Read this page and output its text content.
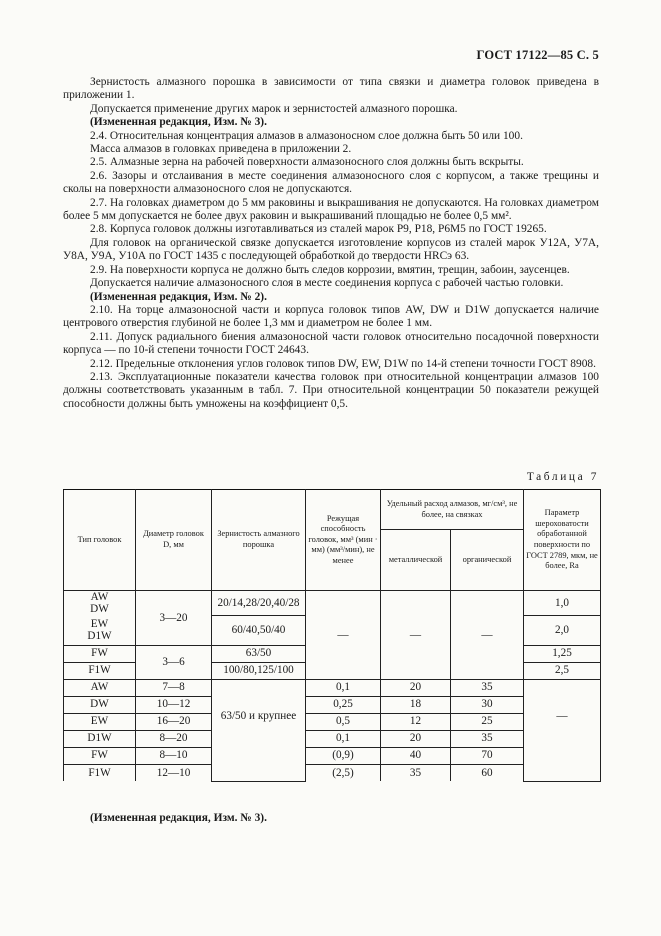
ГОСТ 17122—85 С. 5

Зернистость алмазного порошка в зависимости от типа связки и диаметра головок приведена в приложении 1.

Допускается применение других марок и зернистостей алмазного порошка.

(Измененная редакция, Изм. № 3).

2.4. Относительная концентрация алмазов в алмазоносном слое должна быть 50 или 100.

Масса алмазов в головках приведена в приложении 2.

2.5. Алмазные зерна на рабочей поверхности алмазоносного слоя должны быть вскрыты.

2.6. Зазоры и отслаивания в месте соединения алмазоносного слоя с корпусом, а также трещины и сколы на поверхности алмазоносного слоя не допускаются.

2.7. На головках диаметром до 5 мм раковины и выкрашивания не допускаются. На головках диаметром более 5 мм допускается не более двух раковин и выкрашиваний площадью не более 0,5 мм².

2.8. Корпуса головок должны изготавливаться из сталей марок Р9, Р18, Р6М5 по ГОСТ 19265.

Для головок на органической связке допускается изготовление корпусов из сталей марок У12А, У7А, У8А, У9А, У10А по ГОСТ 1435 с последующей обработкой до твердости HRCэ 63.

2.9. На поверхности корпуса не должно быть следов коррозии, вмятин, трещин, забоин, заусенцев.

Допускается наличие алмазоносного слоя в месте соединения корпуса с рабочей частью головки.

(Измененная редакция, Изм. № 2).

2.10. На торце алмазоносной части и корпуса головок типов AW, DW и D1W допускается наличие центрового отверстия глубиной не более 1,3 мм и диаметром не более 1 мм.

2.11. Допуск радиального биения алмазоносной части головок относительно посадочной поверхности корпуса — по 10-й степени точности ГОСТ 24643.

2.12. Предельные отклонения углов головок типов DW, EW, D1W по 14-й степени точности ГОСТ 8908.

2.13. Эксплуатационные показатели качества головок при относительной концентрации алмазов 100 должны соответствовать указанным в табл. 7. При относительной концентрации 50 показатели режущей способности должны быть умножены на коэффициент 0,5.

Таблица 7
Тип головок	Диаметр головок D, мм	Зернистость алмазного порошка	Режущая способность головок, мм³ (мин · мм) (мм³/мин), не менее	Удельный расход алмазов, мг/см³, не более, на связках		Параметр шероховатости обработанной поверхности по ГОСТ 2789, мкм, не более, Ra
				металлической	органической	

AW
DW	3—20	20/14,28/20,40/28	—	—	—	1,0

EW
D1W		60/40,50/40				2,0
FW	3—6	63/50				1,25
F1W		100/80,125/100				2,5
AW	7—8	63/50 и крупнее	0,1	20	35	—
DW	10—12		0,25	18	30	
EW	16—20		0,5	12	25	
D1W	8—20		0,1	20	35	
FW	8—10		(0,9)	40	70	
F1W	12—10		(2,5)	35	60	
(Измененная редакция, Изм. № 3).
